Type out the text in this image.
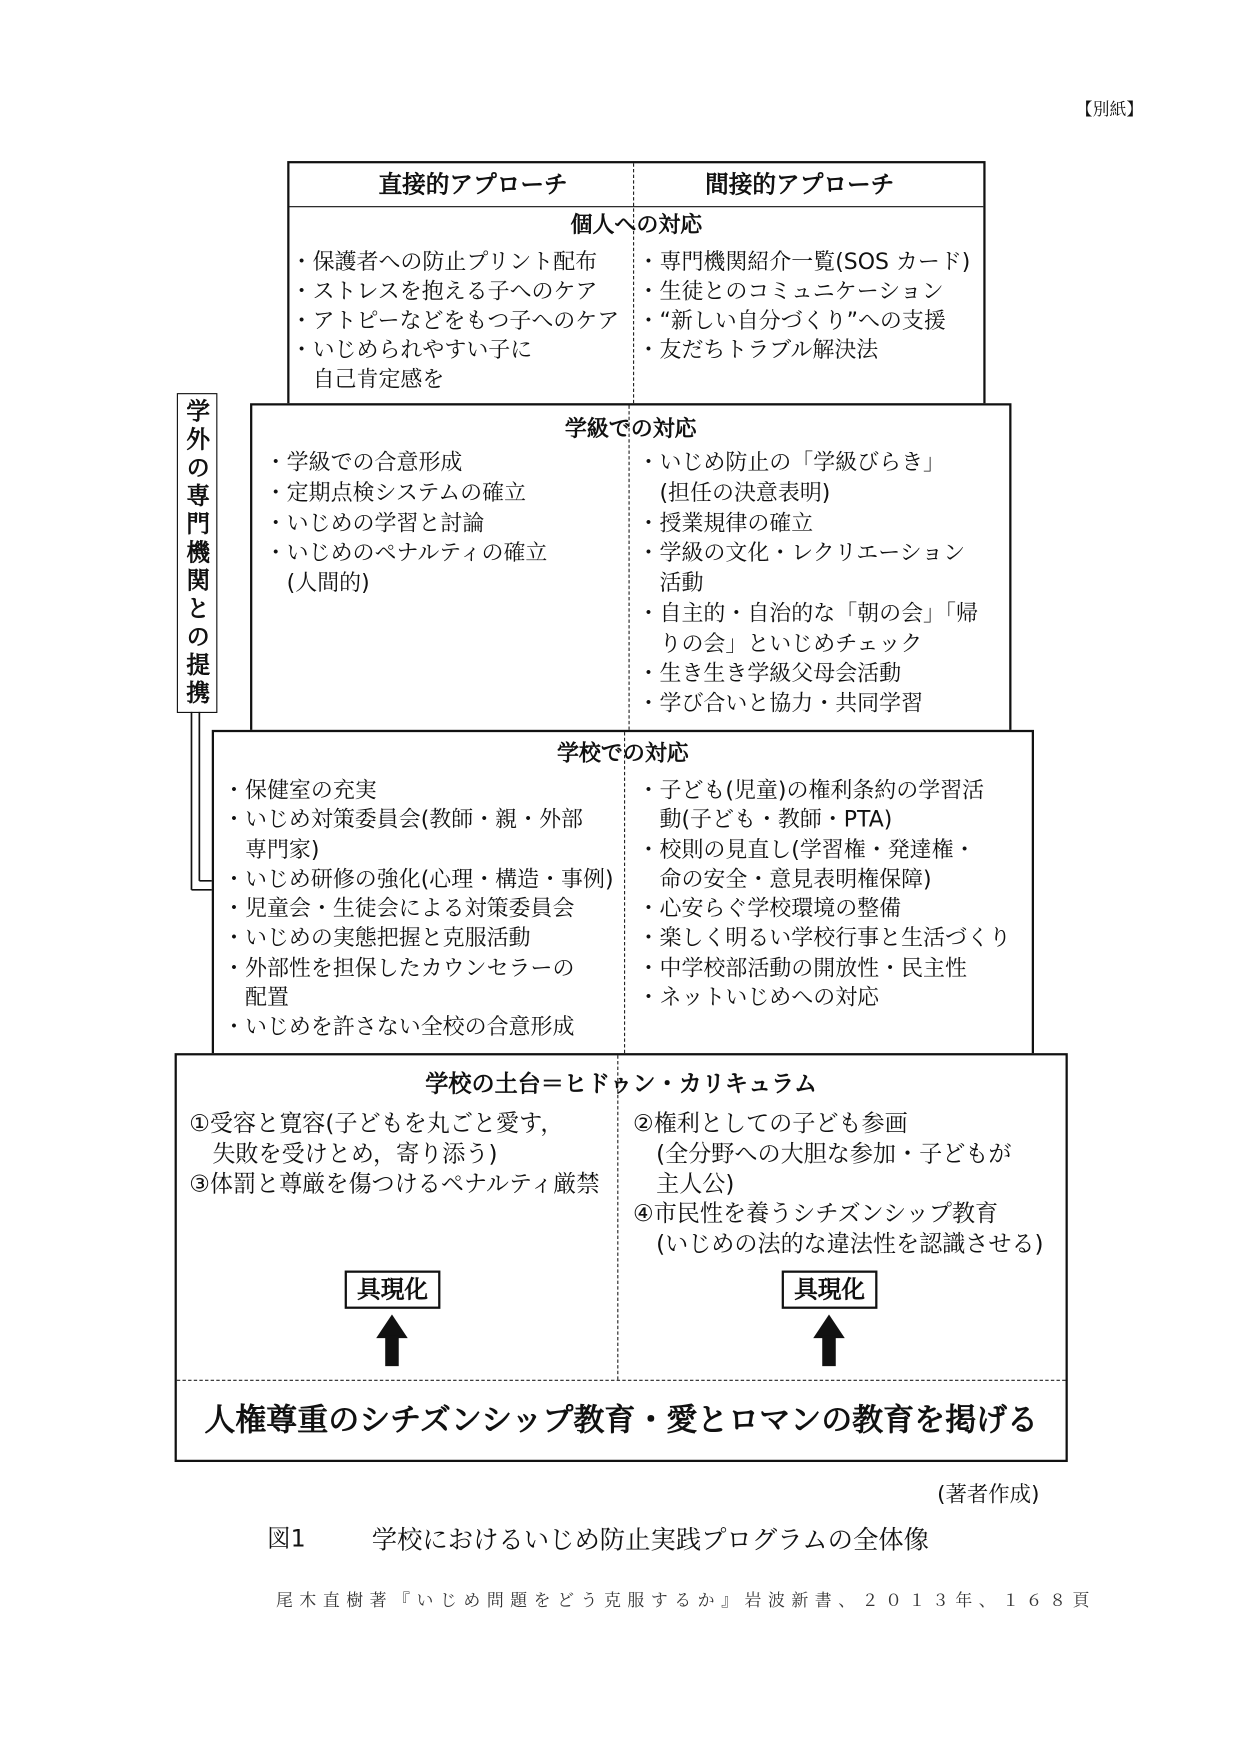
【別紙】
直接的アプローチ	間接的アプローチ
個人への対応
・保護者への防止プリント配布
・ストレスを抱える子へのケア
・アトピーなどをもつ子へのケア
・いじめられやすい子に
自己肯定感を
・専門機関紹介一覧(SOS カード)
・生徒とのコミュニケーション
・“新しい自分づくり”への支援
・友だちトラブル解決法
学級での対応
・学級での合意形成
・定期点検システムの確立
・いじめの学習と討論
・いじめのペナルティの確立
(人間的)
・いじめ防止の「学級びらき」
(担任の決意表明)
・授業規律の確立
・学級の文化・レクリエーション
活動
・自主的・自治的な「朝の会」「帰
りの会」といじめチェック
・生き生き学級父母会活動
・学び合いと協力・共同学習
学校での対応
・保健室の充実
・いじめ対策委員会(教師・親・外部
専門家)
・いじめ研修の強化(心理・構造・事例)
・児童会・生徒会による対策委員会
・いじめの実態把握と克服活動
・外部性を担保したカウンセラーの
配置
・いじめを許さない全校の合意形成
・子ども(児童)の権利条約の学習活
動(子ども・教師・PTA)
・校則の見直し(学習権・発達権・
命の安全・意見表明権保障)
・心安らぐ学校環境の整備
・楽しく明るい学校行事と生活づくり
・中学校部活動の開放性・民主性
・ネットいじめへの対応
学校の土台＝ヒドゥン・カリキュラム
①受容と寛容(子どもを丸ごと愛す，
失敗を受けとめ，寄り添う)
③体罰と尊厳を傷つけるペナルティ厳禁
②権利としての子ども参画
(全分野への大胆な参加・子どもが
主人公)
④市民性を養うシチズンシップ教育
(いじめの法的な違法性を認識させる)
具現化	具現化
人権尊重のシチズンシップ教育・愛とロマンの教育を掲げる
学外の専門機関との提携
(著者作成)
図1	学校におけるいじめ防止実践プログラムの全体像
尾木直樹著『いじめ問題をどう克服するか』岩波新書、２０１３年、１６８頁
